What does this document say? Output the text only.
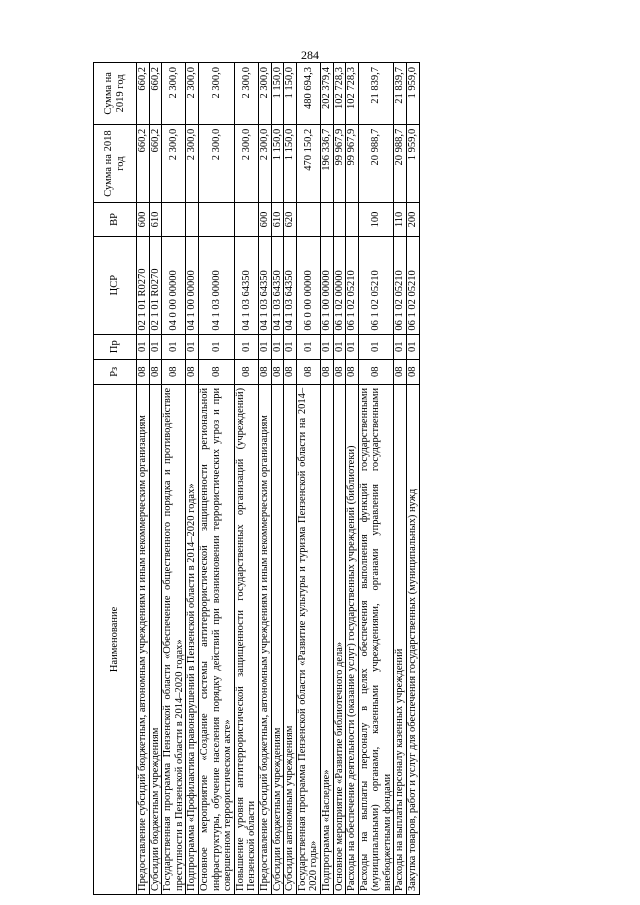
284
Наименование	Рз	Пр	ЦСР	ВР	Сумма на 2018 год	Сумма на 2019 год
Предоставление субсидий бюджетным, автономным учреждениям и иным некоммерческим организациям	08	01	02 1 01 R0270	600	660,2	660,2
Субсидии бюджетным учреждениям	08	01	02 1 01 R0270	610	660,2	660,2
Государственная программа Пензенской области «Обеспечение общественного порядка и противодействие преступности в Пензенской области в 2014–2020 годах»	08	01	04 0 00 00000		2 300,0	2 300,0
Подпрограмма «Профилактика правонарушений в Пензенской области в 2014–2020 годах»	08	01	04 1 00 00000		2 300,0	2 300,0
Основное мероприятие «Создание системы антитеррористической защищенности региональной инфраструктуры, обучение населения порядку действий при возникновении террористических угроз и при совершенном террористическом акте»	08	01	04 1 03 00000		2 300,0	2 300,0
Повышение уровня антитеррористической защищенности государственных организаций (учреждений) Пензенской области	08	01	04 1 03 64350		2 300,0	2 300,0
Предоставление субсидий бюджетным, автономным учреждениям и иным некоммерческим организациям	08	01	04 1 03 64350	600	2 300,0	2 300,0
Субсидии бюджетным учреждениям	08	01	04 1 03 64350	610	1 150,0	1 150,0
Субсидии автономным учреждениям	08	01	04 1 03 64350	620	1 150,0	1 150,0
Государственная программа Пензенской области «Развитие культуры и туризма Пензенской области на 2014–2020 годы»	08	01	06 0 00 00000		470 150,2	480 694,3
Подпрограмма «Наследие»	08	01	06 1 00 00000		196 336,7	202 379,4
Основное мероприятие «Развитие библиотечного дела»	08	01	06 1 02 00000		99 967,9	102 728,3
Расходы на обеспечение деятельности (оказание услуг) государственных учреждений (библиотеки)	08	01	06 1 02 05210		99 967,9	102 728,3
Расходы на выплаты персоналу в целях обеспечения выполнения функций государственными (муниципальными) органами, казенными учреждениями, органами управления государственными внебюджетными фондами	08	01	06 1 02 05210	100	20 988,7	21 839,7
Расходы на выплаты персоналу казенных учреждений	08	01	06 1 02 05210	110	20 988,7	21 839,7
Закупка товаров, работ и услуг для обеспечения государственных (муниципальных) нужд	08	01	06 1 02 05210	200	1 959,0	1 959,0
